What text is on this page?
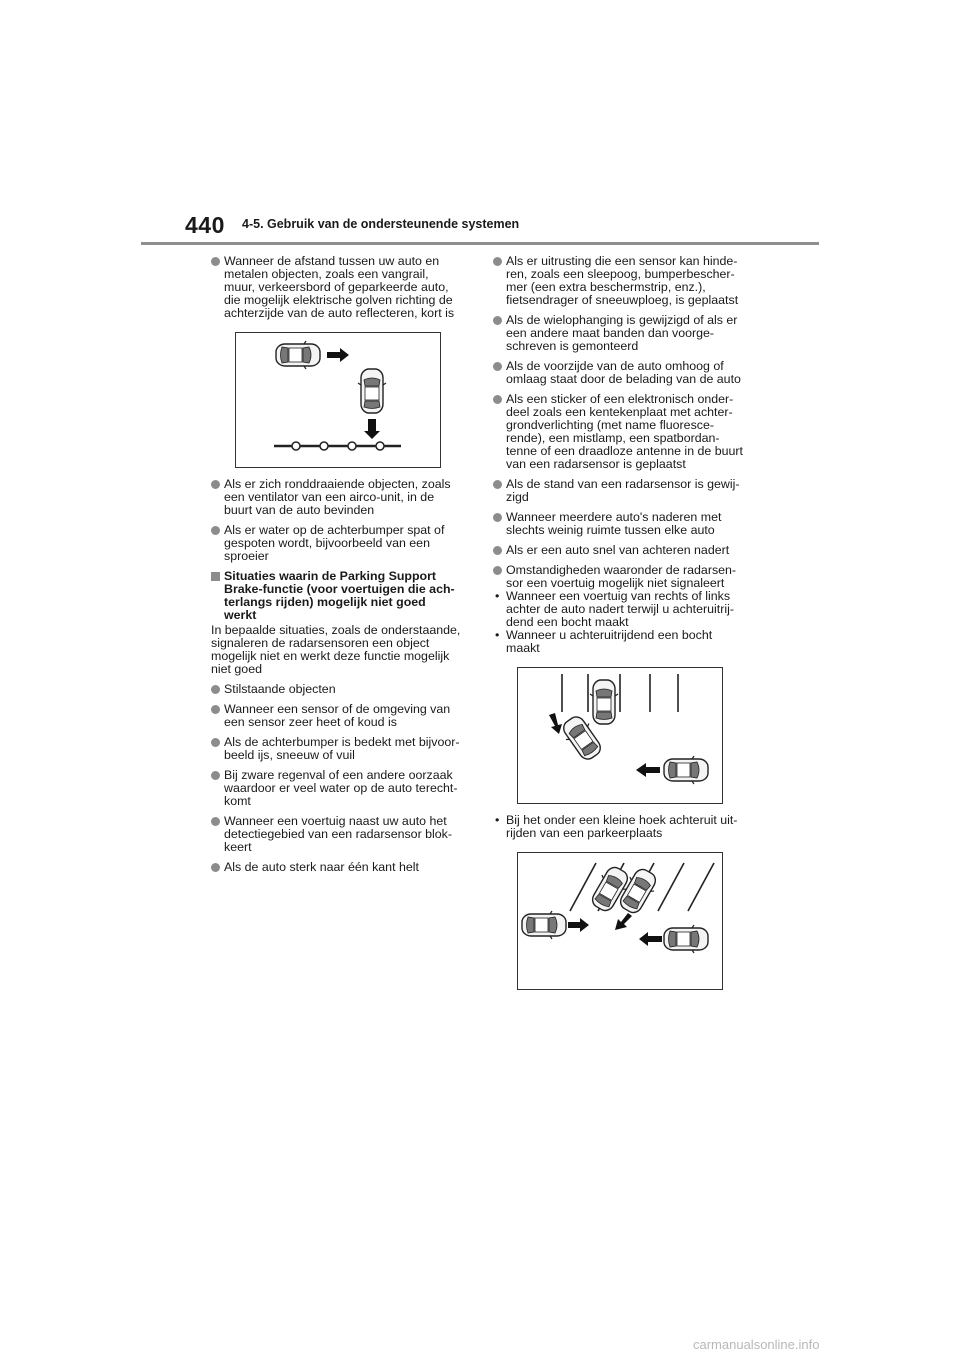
440 4-5. Gebruik van de ondersteunende systemen
Wanneer de afstand tussen uw auto en
metalen objecten, zoals een vangrail,
muur, verkeersbord of geparkeerde auto,
die mogelijk elektrische golven richting de
achterzijde van de auto reflecteren, kort is
Als er zich ronddraaiende objecten, zoals
een ventilator van een airco-unit, in de
buurt van de auto bevinden
Als er water op de achterbumper spat of
gespoten wordt, bijvoorbeeld van een
sproeier
Situaties waarin de Parking Support
Brake-functie (voor voertuigen die ach-
terlangs rijden) mogelijk niet goed
werkt
In bepaalde situaties, zoals de onderstaande,
signaleren de radarsensoren een object
mogelijk niet en werkt deze functie mogelijk
niet goed
Stilstaande objecten
Wanneer een sensor of de omgeving van
een sensor zeer heet of koud is
Als de achterbumper is bedekt met bijvoor-
beeld ijs, sneeuw of vuil
Bij zware regenval of een andere oorzaak
waardoor er veel water op de auto terecht-
komt
Wanneer een voertuig naast uw auto het
detectiegebied van een radarsensor blok-
keert
Als de auto sterk naar één kant helt
Als er uitrusting die een sensor kan hinde-
ren, zoals een sleepoog, bumperbescher-
mer (een extra beschermstrip, enz.),
fietsendrager of sneeuwploeg, is geplaatst
Als de wielophanging is gewijzigd of als er
een andere maat banden dan voorge-
schreven is gemonteerd
Als de voorzijde van de auto omhoog of
omlaag staat door de belading van de auto
Als een sticker of een elektronisch onder-
deel zoals een kentekenplaat met achter-
grondverlichting (met name fluoresce-
rende), een mistlamp, een spatbordan-
tenne of een draadloze antenne in de buurt
van een radarsensor is geplaatst
Als de stand van een radarsensor is gewij-
zigd
Wanneer meerdere auto's naderen met
slechts weinig ruimte tussen elke auto
Als er een auto snel van achteren nadert
Omstandigheden waaronder de radarsen-
sor een voertuig mogelijk niet signaleert
• Wanneer een voertuig van rechts of links
achter de auto nadert terwijl u achteruitrij-
dend een bocht maakt
• Wanneer u achteruitrijdend een bocht
maakt
• Bij het onder een kleine hoek achteruit uit-
rijden van een parkeerplaats
carmanualsonline.info
